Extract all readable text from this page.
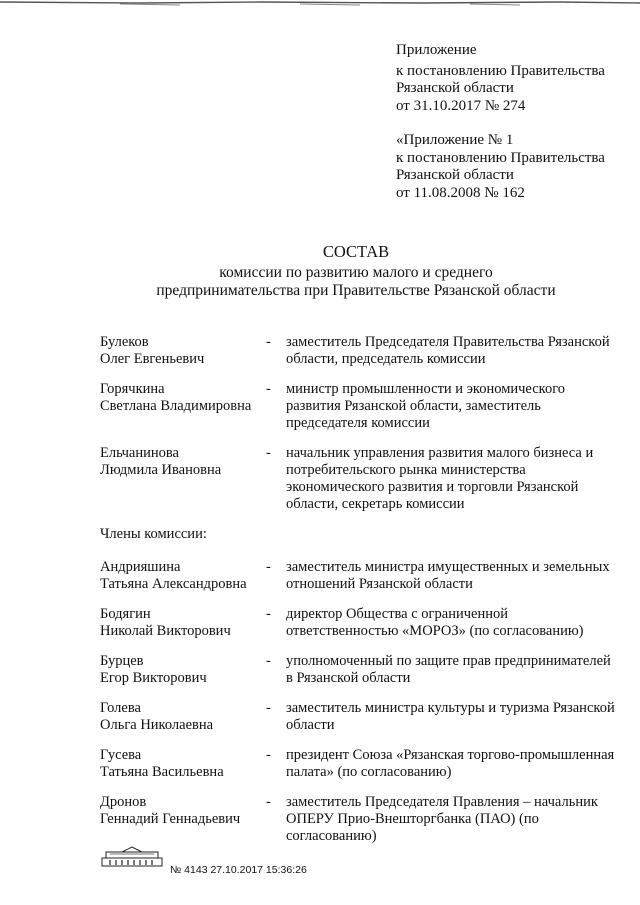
Приложение
к постановлению Правительства
Рязанской области
от 31.10.2017 № 274
«Приложение № 1
к постановлению Правительства
Рязанской области
от 11.08.2008 № 162
СОСТАВ
комиссии по развитию малого и среднего
предпринимательства при Правительстве Рязанской области
Булеков
Олег Евгеньевич
-	заместитель Председателя Правительства Рязанской области, председатель комиссии
Горячкина
Светлана Владимировна
-	министр промышленности и экономического развития Рязанской области, заместитель председателя комиссии
Ельчанинова
Людмила Ивановна
-	начальник управления развития малого бизнеса и потребительского рынка министерства экономического развития и торговли Рязанской области, секретарь комиссии
Члены комиссии:
Андрияшина
Татьяна Александровна
-	заместитель министра имущественных и земельных отношений Рязанской области
Бодягин
Николай Викторович
-	директор Общества с ограниченной ответственностью «МОРОЗ» (по согласованию)
Бурцев
Егор Викторович
-	уполномоченный по защите прав предпринимателей в Рязанской области
Голева
Ольга Николаевна
-	заместитель министра культуры и туризма Рязанской области
Гусева
Татьяна Васильевна
-	президент Союза «Рязанская торгово-промышленная палата» (по согласованию)
Дронов
Геннадий Геннадьевич
-	заместитель Председателя Правления – начальник ОПЕРУ Прио-Внешторгбанка (ПАО) (по согласованию)
№ 4143 27.10.2017 15:36:26
